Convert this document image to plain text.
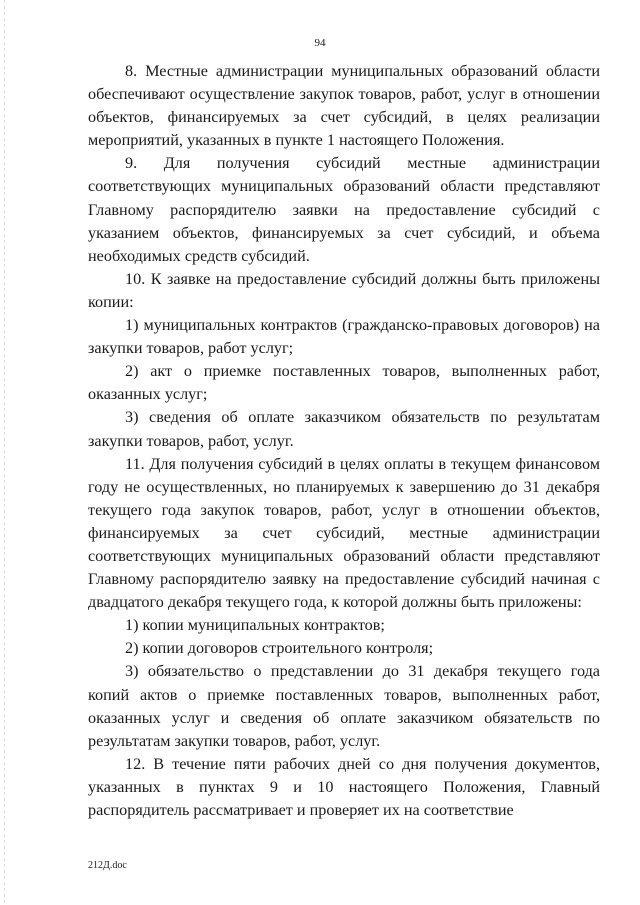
94

8. Местные администрации муниципальных образований области обеспечивают осуществление закупок товаров, работ, услуг в отношении объектов, финансируемых за счет субсидий, в целях реализации мероприятий, указанных в пункте 1 настоящего Положения.

9. Для получения субсидий местные администрации соответствующих муниципальных образований области представляют Главному распорядителю заявки на предоставление субсидий с указанием объектов, финансируемых за счет субсидий, и объема необходимых средств субсидий.

10. К заявке на предоставление субсидий должны быть приложены копии:

1) муниципальных контрактов (гражданско-правовых договоров) на закупки товаров, работ услуг;

2) акт о приемке поставленных товаров, выполненных работ, оказанных услуг;

3) сведения об оплате заказчиком обязательств по результатам закупки товаров, работ, услуг.

11. Для получения субсидий в целях оплаты в текущем финансовом году не осуществленных, но планируемых к завершению до 31 декабря текущего года закупок товаров, работ, услуг в отношении объектов, финансируемых за счет субсидий, местные администрации соответствующих муниципальных образований области представляют Главному распорядителю заявку на предоставление субсидий начиная с двадцатого декабря текущего года, к которой должны быть приложены:

1) копии муниципальных контрактов;

2) копии договоров строительного контроля;

3) обязательство о представлении до 31 декабря текущего года копий актов о приемке поставленных товаров, выполненных работ, оказанных услуг и сведения об оплате заказчиком обязательств по результатам закупки товаров, работ, услуг.

12. В течение пяти рабочих дней со дня получения документов, указанных в пунктах 9 и 10 настоящего Положения, Главный распорядитель рассматривает и проверяет их на соответствие

212Д.doc
